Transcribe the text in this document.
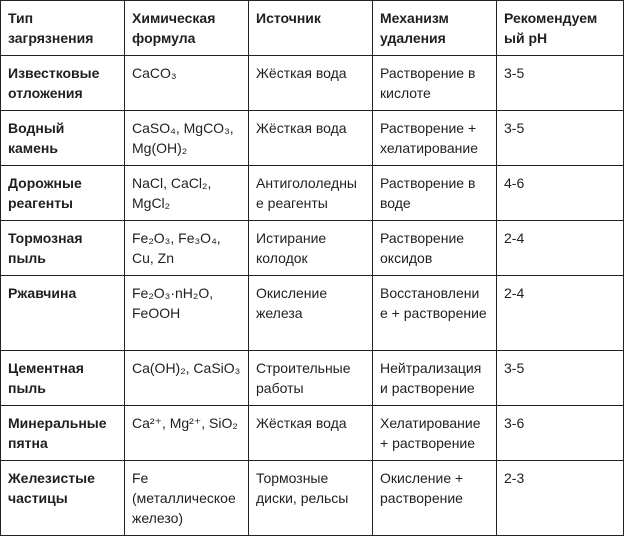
Тип загрязнения	Химическая формула	Источник	Механизм удаления	Рекомендуем ый pH
Известковые отложения	CaCO₃	Жёсткая вода	Растворение в кислоте	3-5
Водный камень	CaSO₄, MgCO₃, Mg(OH)₂	Жёсткая вода	Растворение + хелатирование	3-5
Дорожные реагенты	NaCl, CaCl₂, MgCl₂	Антигололедны е реагенты	Растворение в воде	4-6
Тормозная пыль	Fe₂O₃, Fe₃O₄, Cu, Zn	Истирание колодок	Растворение оксидов	2-4
Ржавчина	Fe₂O₃·nH₂O, FeOOH	Окисление железа	Восстановлени е + растворение	2-4
Цементная пыль	Ca(OH)₂, CaSiO₃	Строительные работы	Нейтрализация и растворение	3-5
Минеральные пятна	Ca²⁺, Mg²⁺, SiO₂	Жёсткая вода	Хелатирование + растворение	3-6
Железистые частицы	Fe (металлическое железо)	Тормозные диски, рельсы	Окисление + растворение	2-3
